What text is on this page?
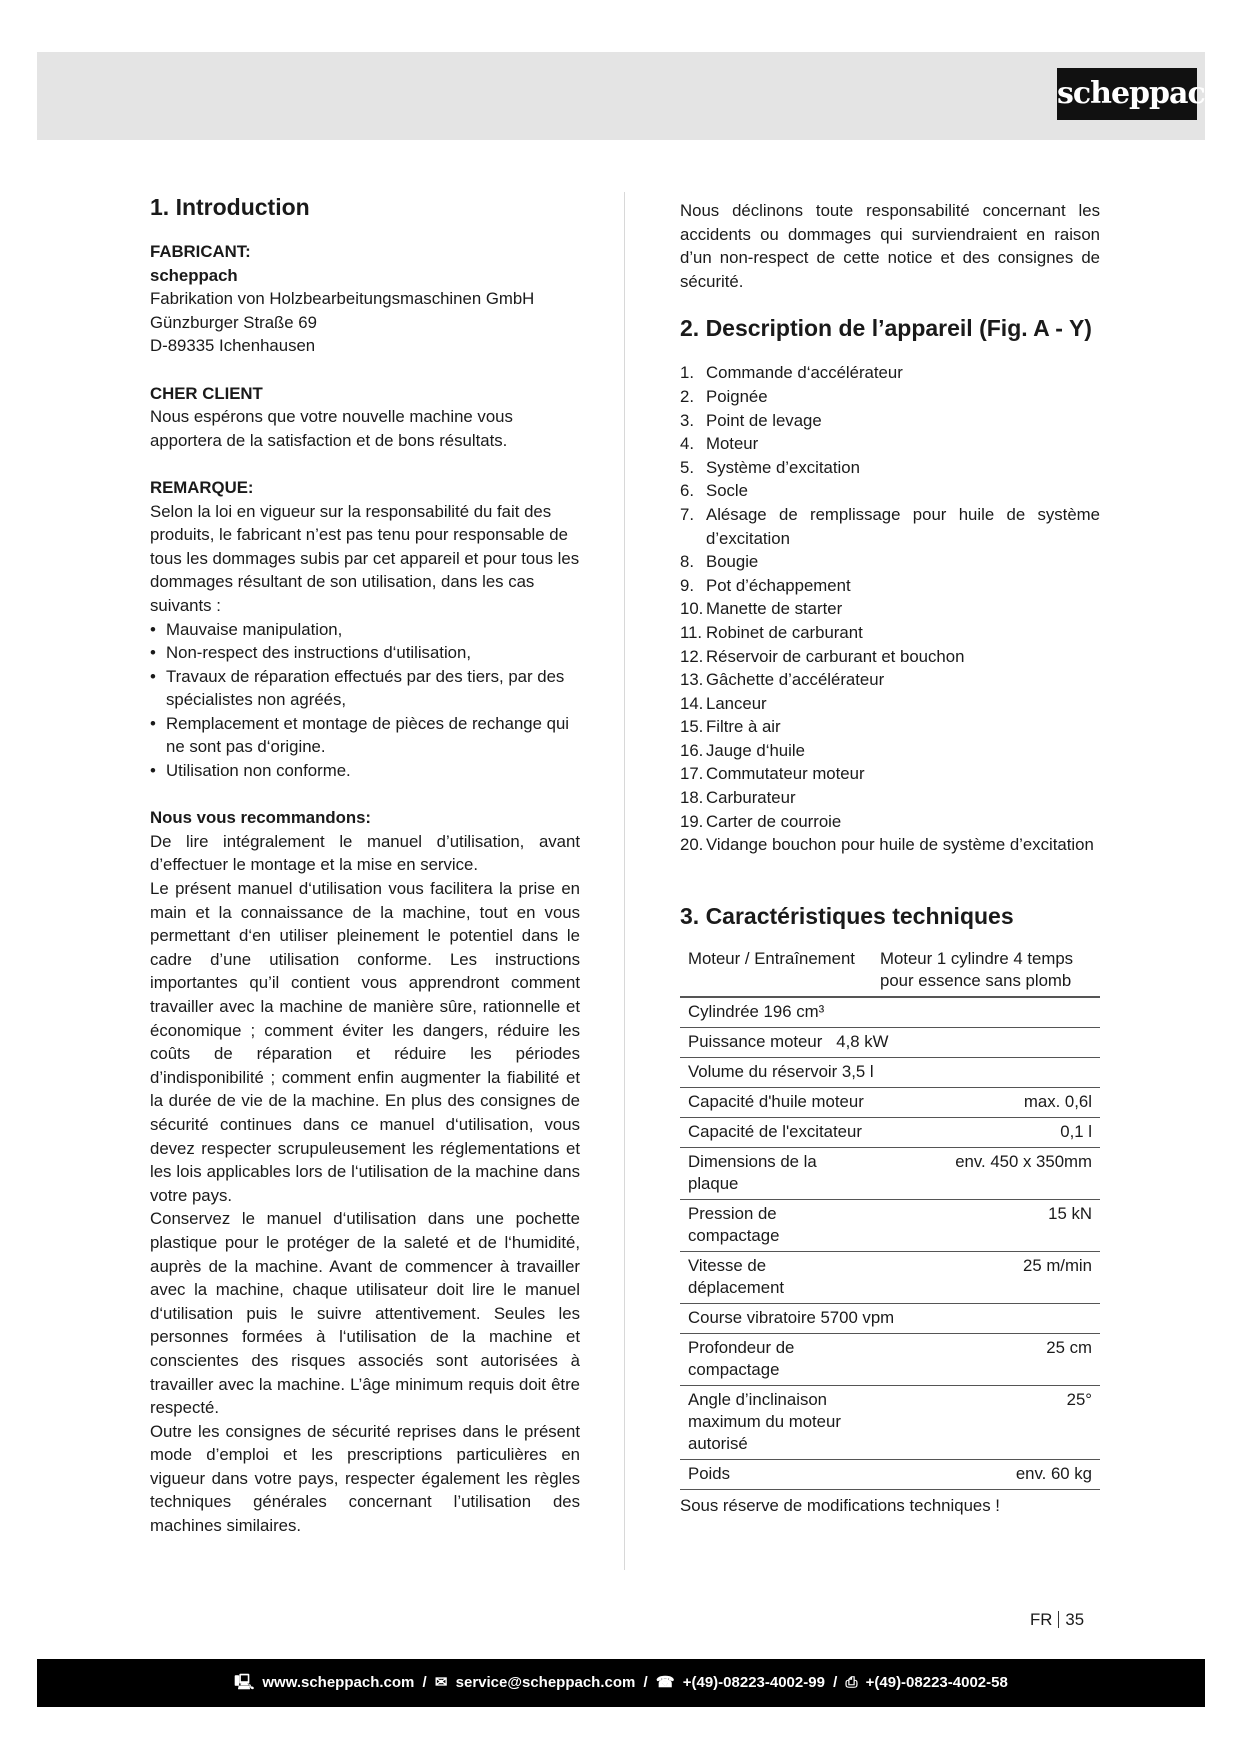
scheppach
1. Introduction

FABRICANT:

scheppach

Fabrikation von Holzbearbeitungsmaschinen GmbH

Günzburger Straße 69

D-89335 Ichenhausen

CHER CLIENT

Nous espérons que votre nouvelle machine vous apportera de la satisfaction et de bons résultats.

REMARQUE:

Selon la loi en vigueur sur la responsabilité du fait des produits, le fabricant n’est pas tenu pour responsable de tous les dommages subis par cet appareil et pour tous les dommages résultant de son utilisation, dans les cas suivants :

• Mauvaise manipulation,
• Non-respect des instructions d‘utilisation,
• Travaux de réparation effectués par des tiers, par des spécialistes non agréés,
• Remplacement et montage de pièces de rechange qui ne sont pas d‘origine.
• Utilisation non conforme.

Nous vous recommandons:

De lire intégralement le manuel d’utilisation, avant d’effectuer le montage et la mise en service.

Le présent manuel d‘utilisation vous facilitera la prise en main et la connaissance de la machine, tout en vous permettant d‘en utiliser pleinement le potentiel dans le cadre d’une utilisation conforme. Les instructions importantes qu’il contient vous apprendront comment travailler avec la machine de manière sûre, rationnelle et économique ; comment éviter les dangers, réduire les coûts de réparation et réduire les périodes d’indisponibilité ; comment enfin augmenter la fiabilité et la durée de vie de la machine. En plus des consignes de sécurité continues dans ce manuel d‘utilisation, vous devez respecter scrupuleusement les réglementations et les lois applicables lors de l‘utilisation de la machine dans votre pays.

Conservez le manuel d‘utilisation dans une pochette plastique pour le protéger de la saleté et de l‘humidité, auprès de la machine. Avant de commencer à travailler avec la machine, chaque utilisateur doit lire le manuel d‘utilisation puis le suivre attentivement. Seules les personnes formées à l‘utilisation de la machine et conscientes des risques associés sont autorisées à travailler avec la machine. L’âge minimum requis doit être respecté.

Outre les consignes de sécurité reprises dans le présent mode d’emploi et les prescriptions particulières en vigueur dans votre pays, respecter également les règles techniques générales concernant l’utilisation des machines similaires.

Nous déclinons toute responsabilité concernant les accidents ou dommages qui surviendraient en raison d’un non-respect de cette notice et des consignes de sécurité.

2. Description de l’appareil (Fig. A - Y)
1. Commande d‘accélérateur
2. Poignée
3. Point de levage
4. Moteur
5. Système d’excitation
6. Socle
7. Alésage de remplissage pour huile de système d’excitation
8. Bougie
9. Pot d’échappement
10. Manette de starter
11. Robinet de carburant
12. Réservoir de carburant et bouchon
13. Gâchette d’accélérateur
14. Lanceur
15. Filtre à air
16. Jauge d‘huile
17. Commutateur moteur
18. Carburateur
19. Carter de courroie
20. Vidange bouchon pour huile de système d’excitation
3. Caractéristiques techniques
Moteur / Entraînement	Moteur 1 cylindre 4 temps pour essence sans plomb
Cylindrée 196 cm³	
Puissance moteur   4,8 kW	
Volume du réservoir 3,5 l	
Capacité d'huile moteur	max. 0,6l
Capacité de l'excitateur	0,1 l
Dimensions de la plaque	env. 450 x 350mm
Pression de compactage	15 kN
Vitesse de déplacement	25 m/min
Course vibratoire 5700 vpm	
Profondeur de compactage	25 cm
Angle d’inclinaison maximum du moteur autorisé	25°
Poids	env. 60 kg

Sous réserve de modifications techniques !

FR 35
🖳 www.scheppach.com / ✉ service@scheppach.com / ☎ +(49)-08223-4002-99 / ⎙ +(49)-08223-4002-58
